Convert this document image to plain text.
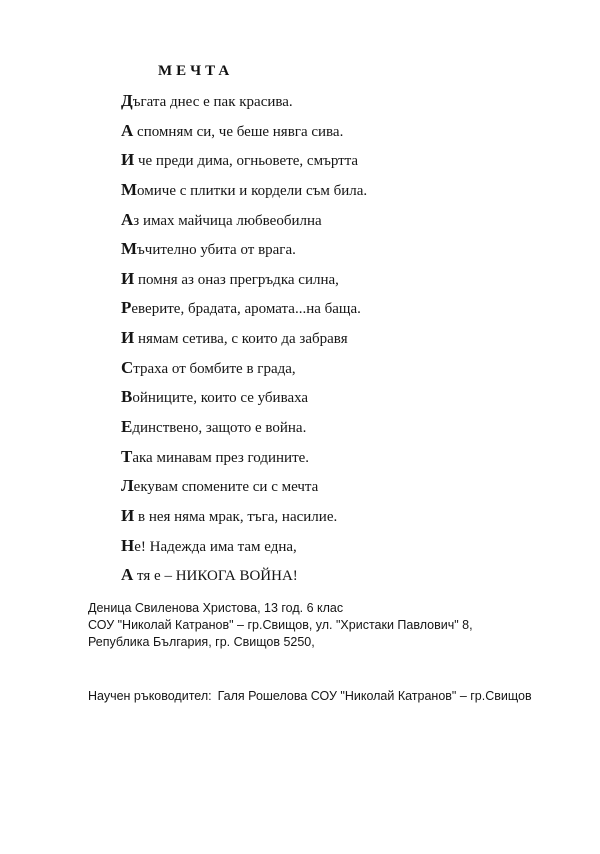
МЕЧТА
Дъгата днес е пак красива.
А спомням си, че беше нявга сива.
И че преди дима, огньовете, смъртта
Момиче с плитки и кордели съм била.
Аз имах майчица любвеобилна
Мъчително убита от врага.
И помня аз оназ прегръдка силна,
Реверите, брадата, аромата...на баща.
И нямам сетива, с които да забравя
Страха от бомбите в града,
Войниците, които се убиваха
Единствено, защото е война.
Така минавам през годините.
Лекувам спомените си с мечта
И в нея няма мрак, тъга, насилие.
Не! Надежда има там една,
А тя е – НИКОГА ВОЙНА!
Деница Свиленова Христова, 13 год. 6 клас
СОУ "Николай Катранов" – гр.Свищов, ул. "Христаки Павлович" 8,
Република България, гр. Свищов 5250,
Научен ръководител: Галя Рошелова СОУ "Николай Катранов" – гр.Свищов
